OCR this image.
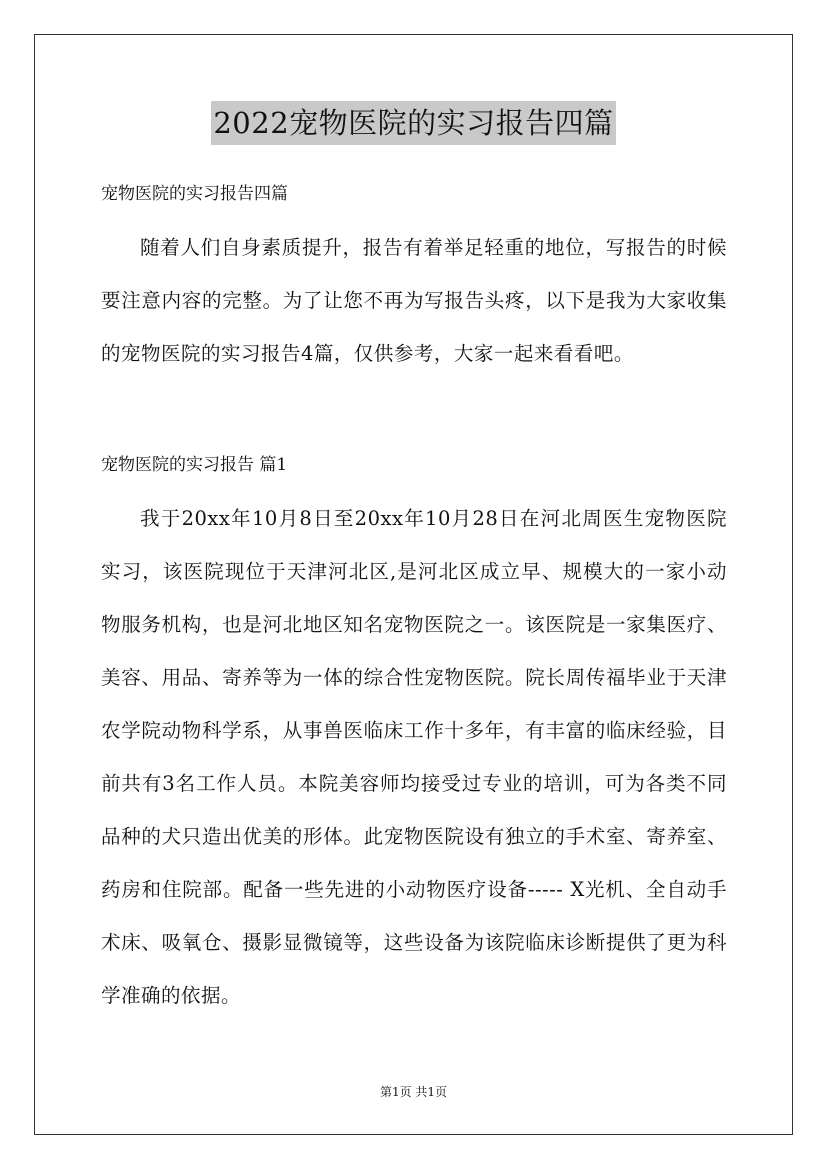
2022宠物医院的实习报告四篇
宠物医院的实习报告四篇

随着人们自身素质提升，报告有着举足轻重的地位，写报告的时候要注意内容的完整。为了让您不再为写报告头疼，以下是我为大家收集的宠物医院的实习报告4篇，仅供参考，大家一起来看看吧。

宠物医院的实习报告 篇1

我于20xx年10月8日至20xx年10月28日在河北周医生宠物医院实习，该医院现位于天津河北区,是河北区成立早、规模大的一家小动物服务机构，也是河北地区知名宠物医院之一。该医院是一家集医疗、美容、用品、寄养等为一体的综合性宠物医院。院长周传福毕业于天津农学院动物科学系，从事兽医临床工作十多年，有丰富的临床经验，目前共有3名工作人员。本院美容师均接受过专业的培训，可为各类不同品种的犬只造出优美的形体。此宠物医院设有独立的手术室、寄养室、药房和住院部。配备一些先进的小动物医疗设备----- X光机、全自动手术床、吸氧仓、摄影显微镜等，这些设备为该院临床诊断提供了更为科学准确的依据。

第1页 共1页
